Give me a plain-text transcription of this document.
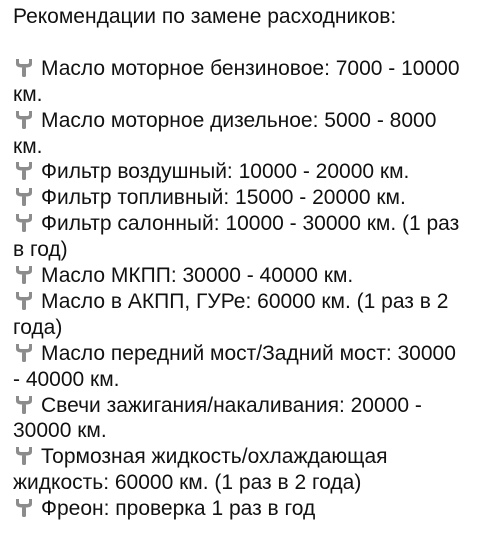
Рекомендации по замене расходников:

Масло моторное бензиновое: 7000 - 10000 км.
Масло моторное дизельное: 5000 - 8000 км.
Фильтр воздушный: 10000 - 20000 км.
Фильтр топливный: 15000 - 20000 км.
Фильтр салонный: 10000 - 30000 км. (1 раз в год)
Масло МКПП: 30000 - 40000 км.
Масло в АКПП, ГУРе: 60000 км. (1 раз в 2 года)
Масло передний мост/Задний мост: 30000 - 40000 км.
Свечи зажигания/накаливания: 20000 - 30000 км.
Тормозная жидкость/охлаждающая жидкость: 60000 км. (1 раз в 2 года)
Фреон: проверка 1 раз в год
